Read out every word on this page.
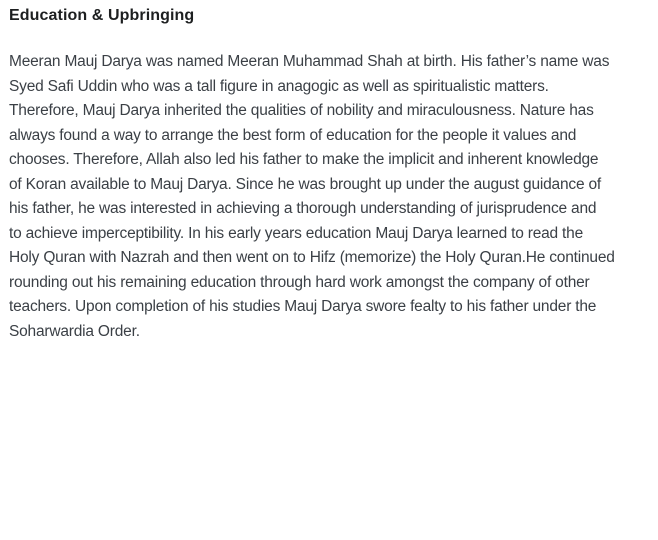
Education & Upbringing
Meeran Mauj Darya was named Meeran Muhammad Shah at birth. His father’s name was
Syed Safi Uddin who was a tall figure in anagogic as well as spiritualistic matters.
Therefore, Mauj Darya inherited the qualities of nobility and miraculousness. Nature has
always found a way to arrange the best form of education for the people it values and
chooses. Therefore, Allah also led his father to make the implicit and inherent knowledge
of Koran available to Mauj Darya. Since he was brought up under the august guidance of
his father, he was interested in achieving a thorough understanding of jurisprudence and
to achieve imperceptibility. In his early years education Mauj Darya learned to read the
Holy Quran with Nazrah and then went on to Hifz (memorize) the Holy Quran.He continued
rounding out his remaining education through hard work amongst the company of other
teachers. Upon completion of his studies Mauj Darya swore fealty to his father under the
Soharwardia Order.
